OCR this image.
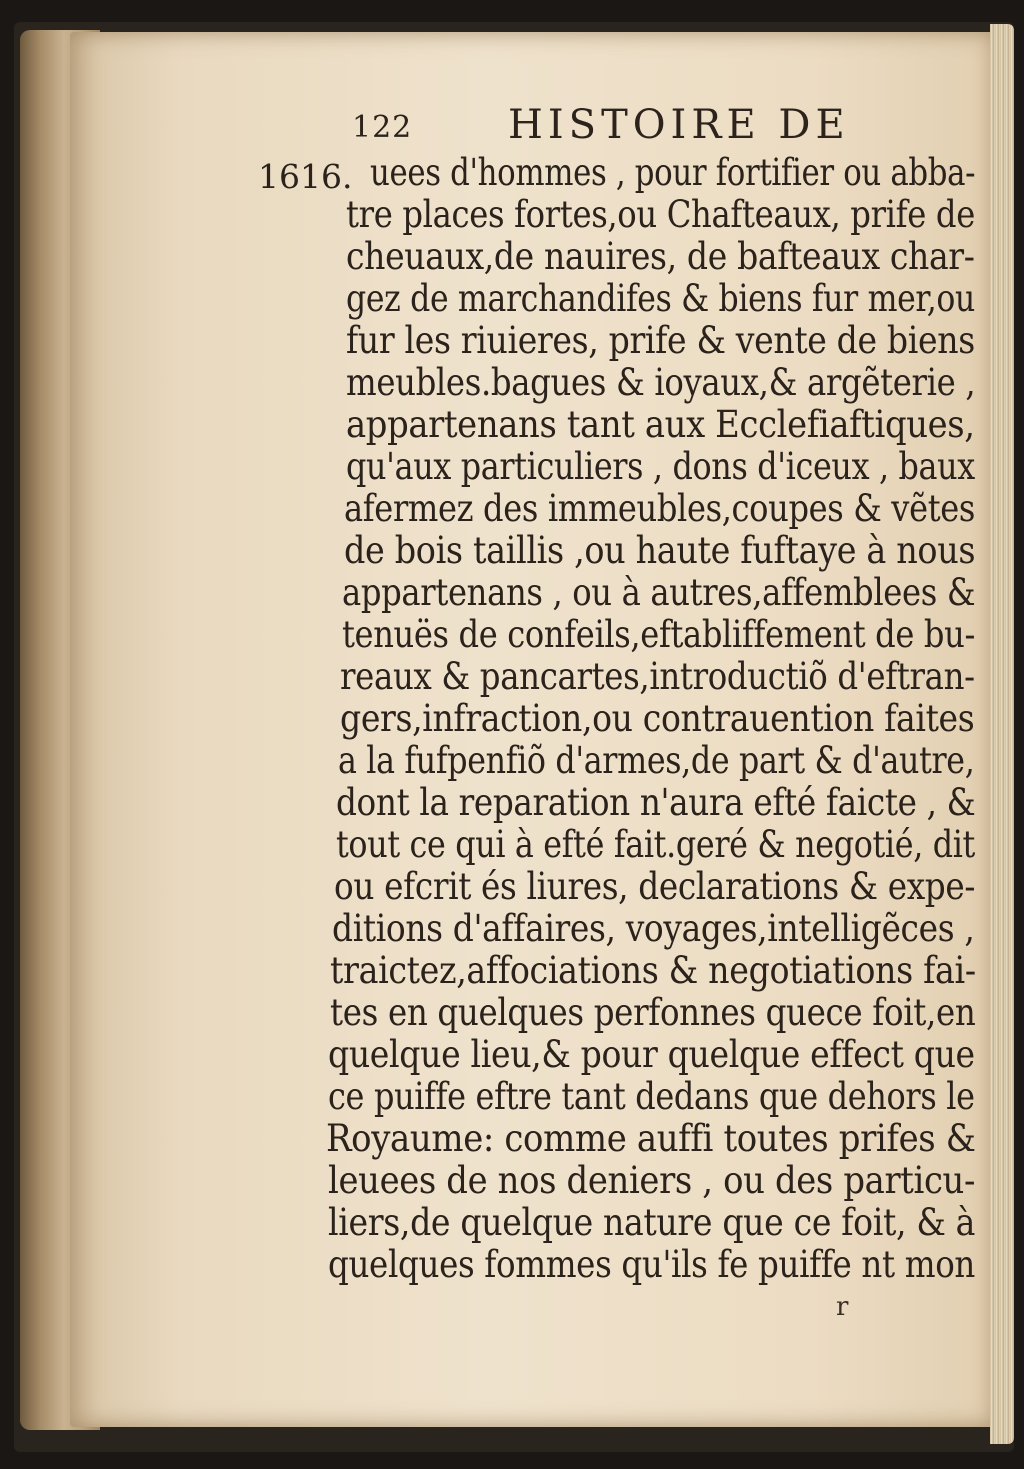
122 HISTOIRE DE
1616. uees d'hommes , pour fortifier ou abba-
tre places fortes,ou Chafteaux, prife de
cheuaux,de nauires, de bafteaux char-
gez de marchandifes & biens fur mer,ou
fur les riuieres, prife & vente de biens
meubles.bagues & ioyaux,& argẽterie ,
appartenans tant aux Ecclefiaftiques,
qu'aux particuliers , dons d'iceux , baux
afermez des immeubles,coupes & vẽtes
de bois taillis ,ou haute fuftaye à nous
appartenans , ou à autres,affemblees &
tenuës de confeils,eftabliffement de bu-
reaux & pancartes,introductiõ d'eftran-
gers,infraction,ou contrauention faites
a la fufpenfiõ d'armes,de part & d'autre,
dont la reparation n'aura efté faicte , &
tout ce qui à efté fait.geré & negotié, dit
ou efcrit és liures, declarations & expe-
ditions d'affaires, voyages,intelligẽces ,
traictez,affociations & negotiations fai-
tes en quelques perfonnes quece foit,en
quelque lieu,& pour quelque effect que
ce puiffe eftre tant dedans que dehors le
Royaume: comme auffi toutes prifes &
leuees de nos deniers , ou des particu-
liers,de quelque nature que ce foit, & à
quelques fommes qu'ils fe puiffe nt mon
r
